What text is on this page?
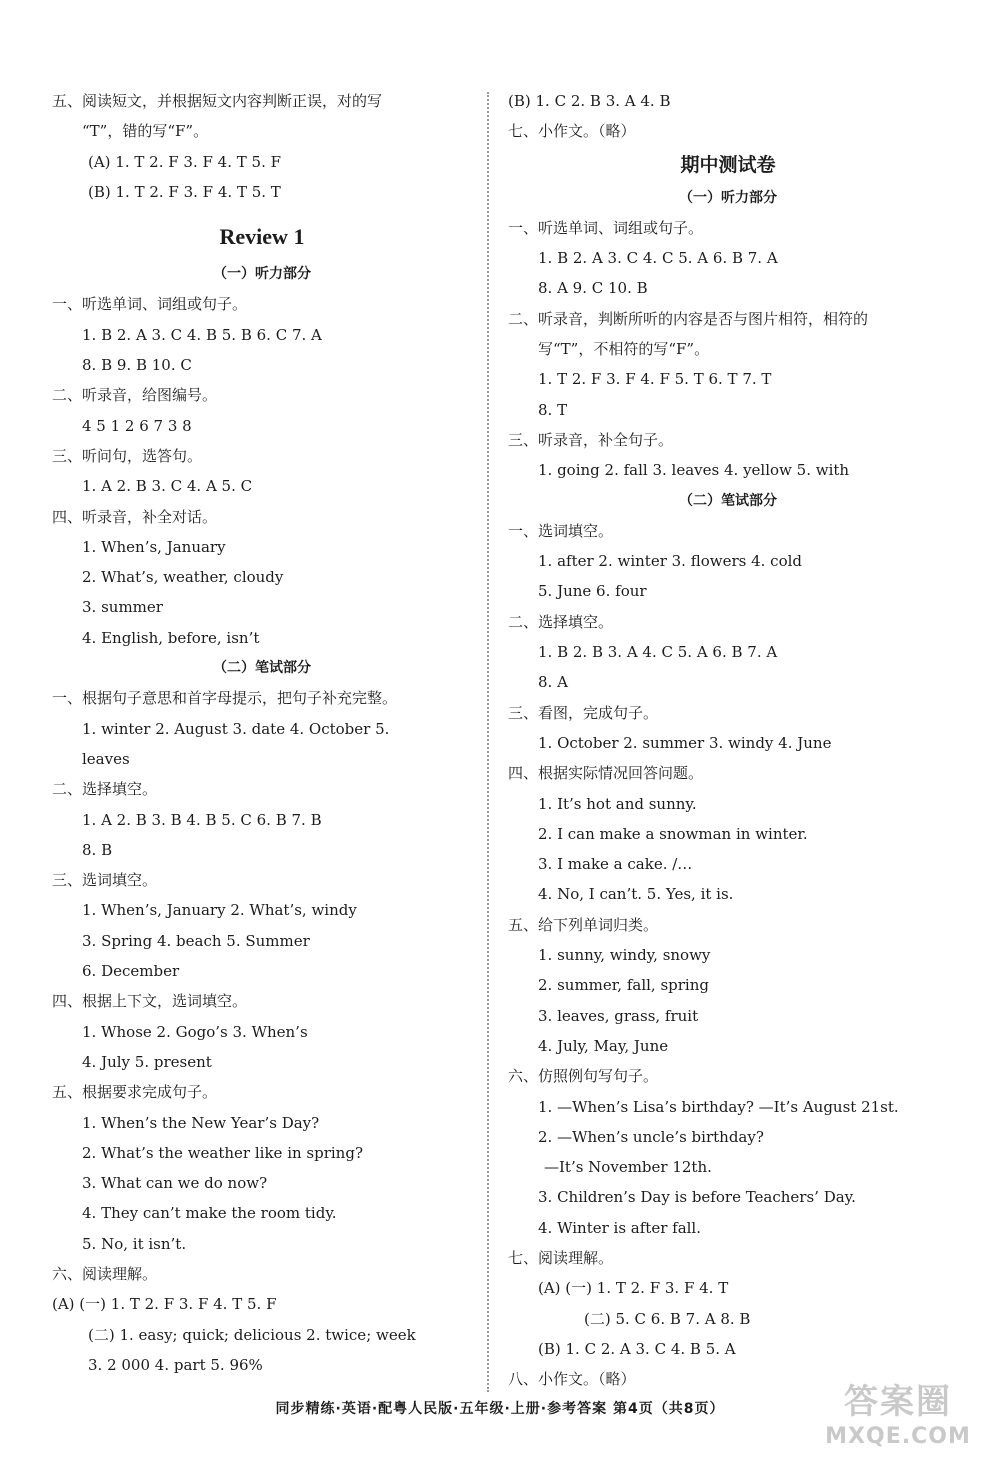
五、阅读短文，并根据短文内容判断正误，对的写
“T”，错的写“F”。
(A) 1. T 2. F 3. F 4. T 5. F
(B) 1. T 2. F 3. F 4. T 5. T
Review 1
（一）听力部分
一、听选单词、词组或句子。
1. B 2. A 3. C 4. B 5. B 6. C 7. A
8. B 9. B 10. C
二、听录音，给图编号。
4 5 1 2 6 7 3 8
三、听问句，选答句。
1. A 2. B 3. C 4. A 5. C
四、听录音，补全对话。
1. When’s, January
2. What’s, weather, cloudy
3. summer
4. English, before, isn’t
（二）笔试部分
一、根据句子意思和首字母提示，把句子补充完整。
1. winter 2. August 3. date 4. October 5.
leaves
二、选择填空。
1. A 2. B 3. B 4. B 5. C 6. B 7. B
8. B
三、选词填空。
1. When’s, January 2. What’s, windy
3. Spring 4. beach 5. Summer
6. December
四、根据上下文，选词填空。
1. Whose 2. Gogo’s 3. When’s
4. July 5. present
五、根据要求完成句子。
1. When’s the New Year’s Day?
2. What’s the weather like in spring?
3. What can we do now?
4. They can’t make the room tidy.
5. No, it isn’t.
六、阅读理解。
(A) (一) 1. T 2. F 3. F 4. T 5. F
(二) 1. easy; quick; delicious 2. twice; week
3. 2 000 4. part 5. 96%
(B) 1. C 2. B 3. A 4. B
七、小作文。（略）
期中测试卷
（一）听力部分
一、听选单词、词组或句子。
1. B 2. A 3. C 4. C 5. A 6. B 7. A
8. A 9. C 10. B
二、听录音，判断所听的内容是否与图片相符，相符的
写“T”，不相符的写“F”。
1. T 2. F 3. F 4. F 5. T 6. T 7. T
8. T
三、听录音，补全句子。
1. going 2. fall 3. leaves 4. yellow 5. with
（二）笔试部分
一、选词填空。
1. after 2. winter 3. flowers 4. cold
5. June 6. four
二、选择填空。
1. B 2. B 3. A 4. C 5. A 6. B 7. A
8. A
三、看图，完成句子。
1. October 2. summer 3. windy 4. June
四、根据实际情况回答问题。
1. It’s hot and sunny.
2. I can make a snowman in winter.
3. I make a cake. /…
4. No, I can’t. 5. Yes, it is.
五、给下列单词归类。
1. sunny, windy, snowy
2. summer, fall, spring
3. leaves, grass, fruit
4. July, May, June
六、仿照例句写句子。
1. —When’s Lisa’s birthday? —It’s August 21st.
2. —When’s uncle’s birthday?
—It’s November 12th.
3. Children’s Day is before Teachers’ Day.
4. Winter is after fall.
七、阅读理解。
(A) (一) 1. T 2. F 3. F 4. T
(二) 5. C 6. B 7. A 8. B
(B) 1. C 2. A 3. C 4. B 5. A
八、小作文。（略）
同步精练·英语·配粤人民版·五年级·上册·参考答案 第4页（共8页）	答案圈
MXQE.COM
